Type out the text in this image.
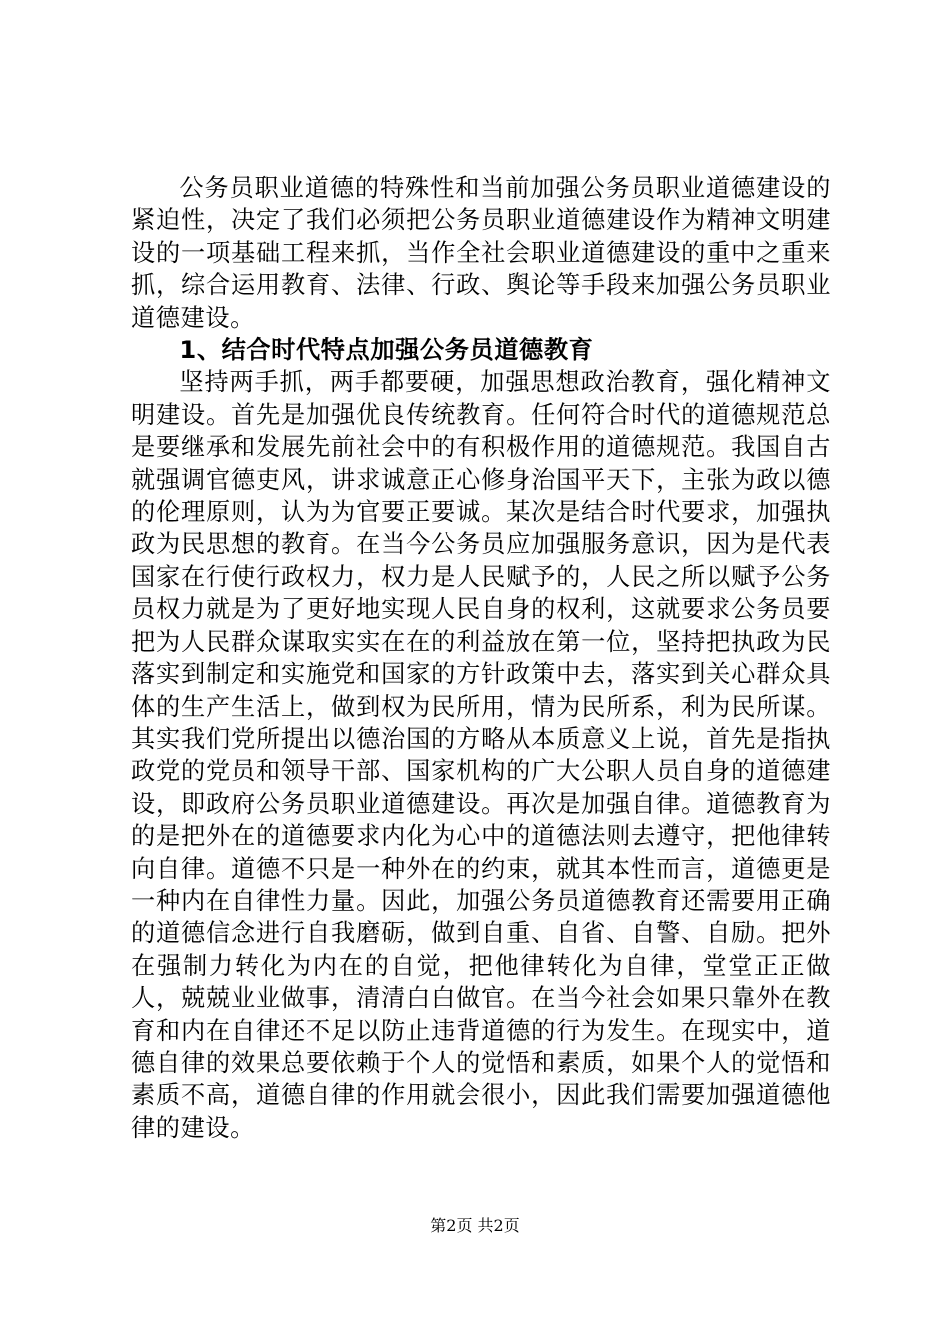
公务员职业道德的特殊性和当前加强公务员职业道德建设的紧迫性，决定了我们必须把公务员职业道德建设作为精神文明建设的一项基础工程来抓，当作全社会职业道德建设的重中之重来抓，综合运用教育、法律、行政、舆论等手段来加强公务员职业道德建设。

1、结合时代特点加强公务员道德教育

坚持两手抓，两手都要硬，加强思想政治教育，强化精神文明建设。首先是加强优良传统教育。任何符合时代的道德规范总是要继承和发展先前社会中的有积极作用的道德规范。我国自古就强调官德吏风，讲求诚意正心修身治国平天下，主张为政以德的伦理原则，认为为官要正要诚。某次是结合时代要求，加强执政为民思想的教育。在当今公务员应加强服务意识，因为是代表国家在行使行政权力，权力是人民赋予的，人民之所以赋予公务员权力就是为了更好地实现人民自身的权利，这就要求公务员要把为人民群众谋取实实在在的利益放在第一位，坚持把执政为民落实到制定和实施党和国家的方针政策中去，落实到关心群众具体的生产生活上，做到权为民所用，情为民所系，利为民所谋。其实我们党所提出以德治国的方略从本质意义上说，首先是指执政党的党员和领导干部、国家机构的广大公职人员自身的道德建设，即政府公务员职业道德建设。再次是加强自律。道德教育为的是把外在的道德要求内化为心中的道德法则去遵守，把他律转向自律。道德不只是一种外在的约束，就其本性而言，道德更是一种内在自律性力量。因此，加强公务员道德教育还需要用正确的道德信念进行自我磨砺，做到自重、自省、自警、自励。把外在强制力转化为内在的自觉，把他律转化为自律，堂堂正正做人，兢兢业业做事，清清白白做官。在当今社会如果只靠外在教育和内在自律还不足以防止违背道德的行为发生。在现实中，道德自律的效果总要依赖于个人的觉悟和素质，如果个人的觉悟和素质不高，道德自律的作用就会很小，因此我们需要加强道德他律的建设。

第2页 共2页
